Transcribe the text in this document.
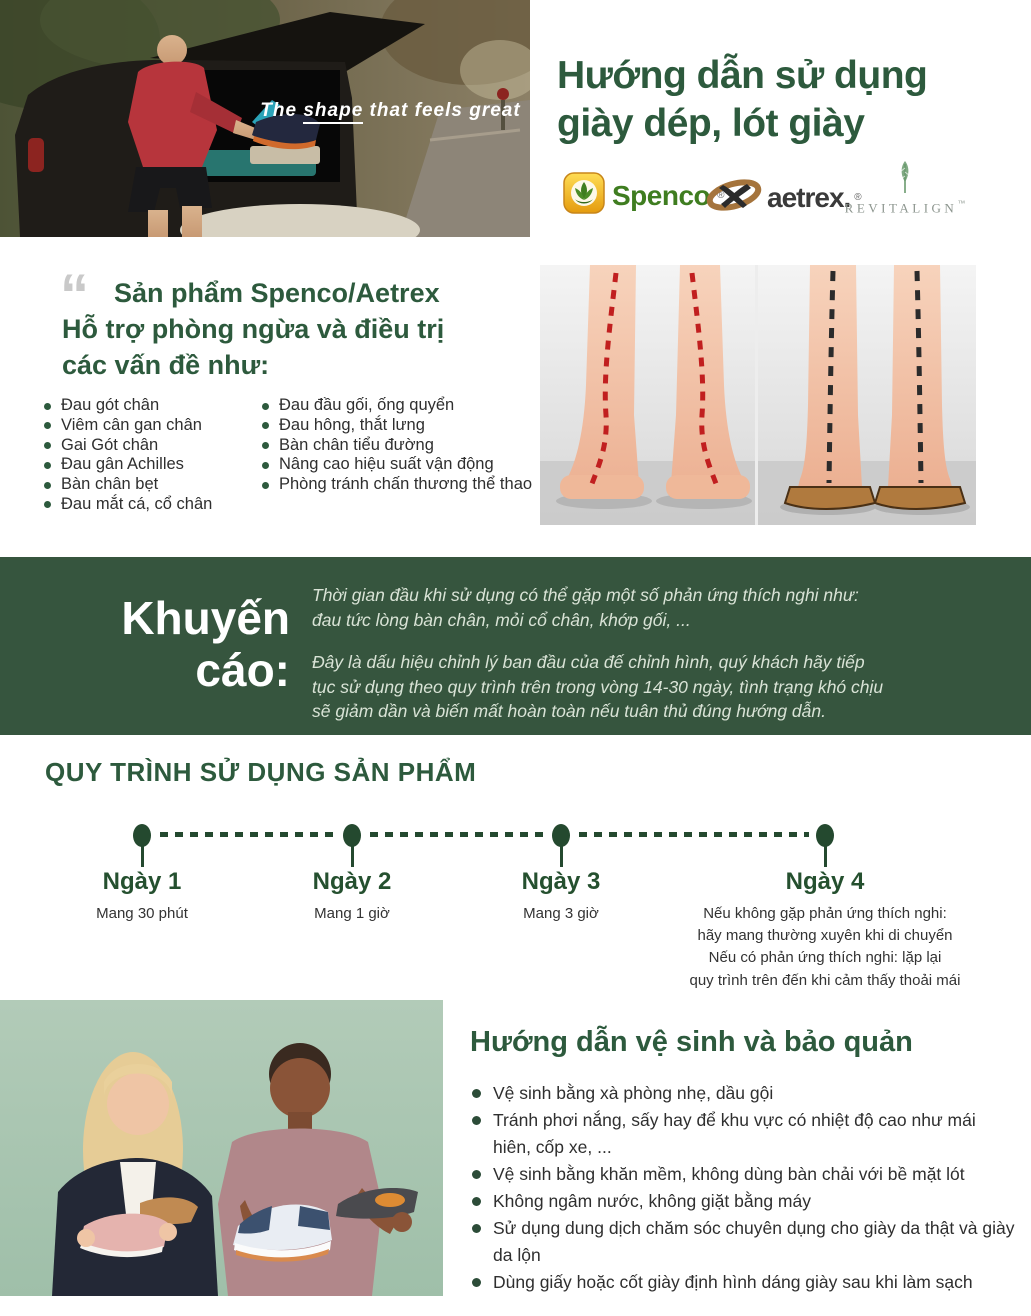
The shape that feels great
Hướng dẫn sử dụng
giày dép, lót giày
Spenco ® aetrex. ®
REVITALIGN™
“ Sản phẩm Spenco/Aetrex
Hỗ trợ phòng ngừa và điều trị
các vấn đề như:
Đau gót chân
Viêm cân gan chân
Gai Gót chân
Đau gân Achilles
Bàn chân bẹt
Đau mắt cá, cổ chân
Đau đầu gối, ống quyển
Đau hông, thắt lưng
Bàn chân tiểu đường
Nâng cao hiệu suất vận động
Phòng tránh chấn thương thể thao
Khuyến
cáo:

Thời gian đầu khi sử dụng có thể gặp một số phản ứng thích nghi như: đau tức lòng bàn chân, mỏi cổ chân, khớp gối, ...

Đây là dấu hiệu chỉnh lý ban đầu của đế chỉnh hình, quý khách hãy tiếp tục sử dụng theo quy trình trên trong vòng 14-30 ngày, tình trạng khó chịu sẽ giảm dần và biến mất hoàn toàn nếu tuân thủ đúng hướng dẫn.

QUY TRÌNH SỬ DỤNG SẢN PHẨM
Ngày 1
Mang 30 phút
Ngày 2
Mang 1 giờ
Ngày 3
Mang 3 giờ
Ngày 4
Nếu không gặp phản ứng thích nghi:
hãy mang thường xuyên khi di chuyển
Nếu có phản ứng thích nghi: lặp lại
quy trình trên đến khi cảm thấy thoải mái
Hướng dẫn vệ sinh và bảo quản
Vệ sinh bằng xà phòng nhẹ, dầu gội
Tránh phơi nắng, sấy hay để khu vực có nhiệt độ cao như mái hiên, cốp xe, ...
Vệ sinh bằng khăn mềm, không dùng bàn chải với bề mặt lót
Không ngâm nước, không giặt bằng máy
Sử dụng dung dịch chăm sóc chuyên dụng cho giày da thật và giày da lộn
Dùng giấy hoặc cốt giày định hình dáng giày sau khi làm sạch
